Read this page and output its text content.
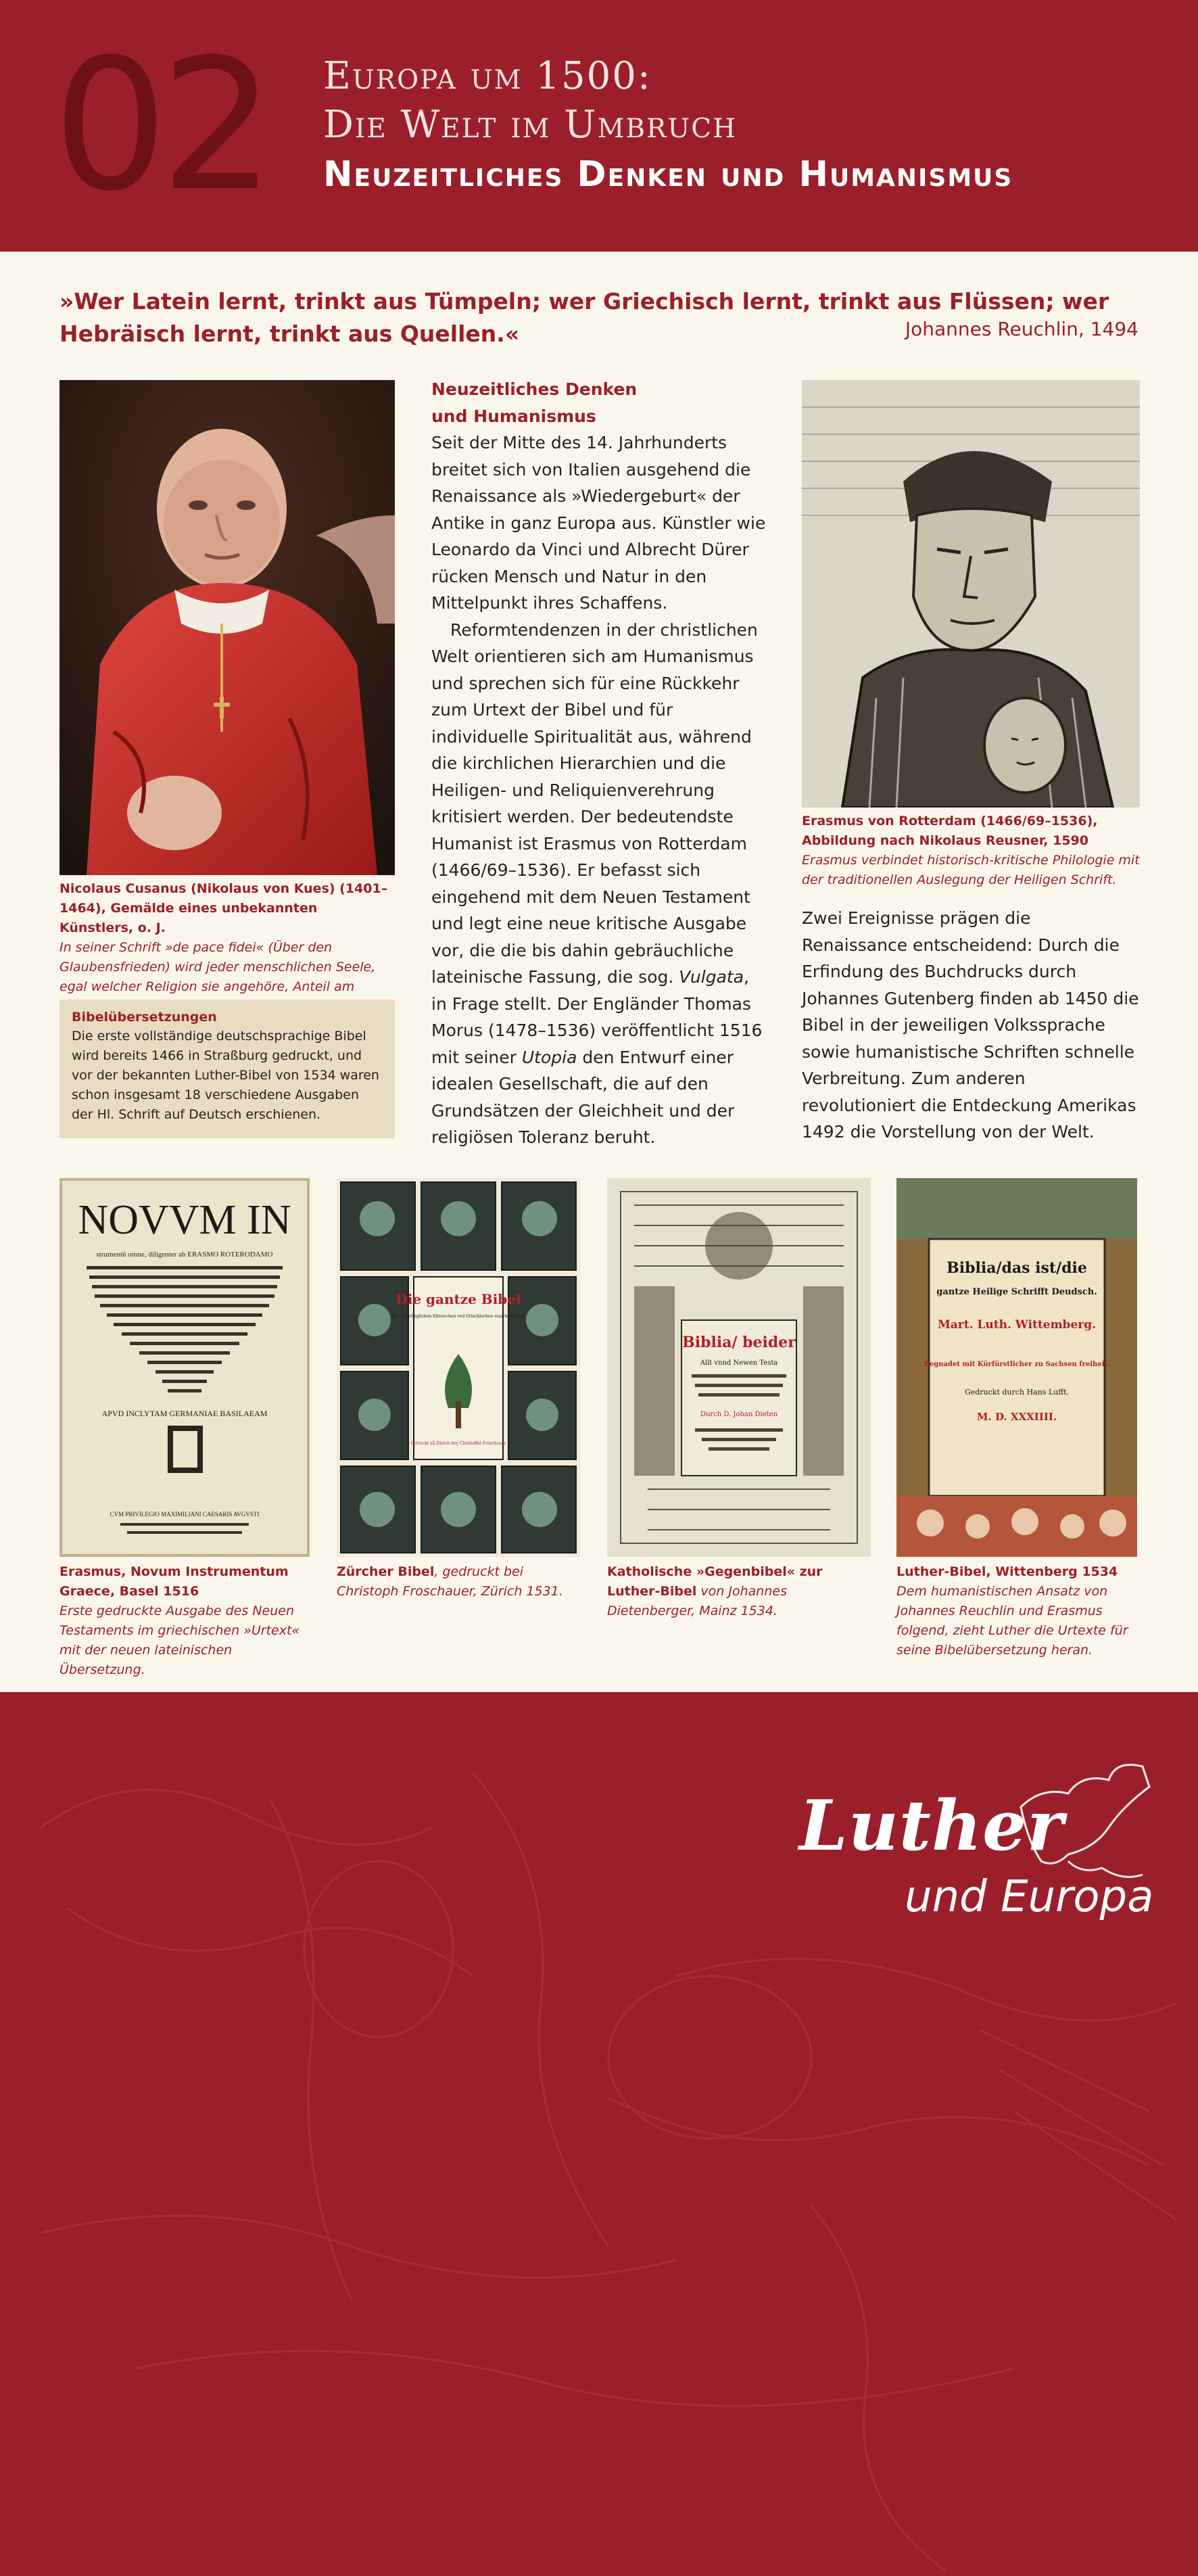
02 Europa um 1500:
Die Welt im Umbruch
Neuzeitliches Denken und Humanismus
»Wer Latein lernt, trinkt aus Tümpeln; wer Griechisch lernt, trinkt aus Flüssen; wer Hebräisch lernt, trinkt aus Quellen.«	Johannes Reuchlin, 1494
Nicolaus Cusanus (Nikolaus von Kues) (1401–1464), Gemälde eines unbekannten Künstlers, o. J.
In seiner Schrift »de pace fidei« (Über den Glaubensfrieden) wird jeder menschlichen Seele, egal welcher Religion sie angehöre, Anteil am
Bibelübersetzungen
Die erste vollständige deutschsprachige Bibel wird bereits 1466 in Straßburg gedruckt, und vor der bekannten Luther-Bibel von 1534 waren schon insgesamt 18 verschiedene Ausgaben der Hl. Schrift auf Deutsch erschienen.
Neuzeitliches Denken
und Humanismus

Seit der Mitte des 14. Jahrhunderts breitet sich von Italien ausgehend die Renaissance als »Wiedergeburt« der Antike in ganz Europa aus. Künstler wie Leonardo da Vinci und Albrecht Dürer rücken Mensch und Natur in den Mittelpunkt ihres Schaffens.

Reformtendenzen in der christlichen Welt orientieren sich am Humanismus und sprechen sich für eine Rückkehr zum Urtext der Bibel und für individuelle Spiritualität aus, während die kirchlichen Hierarchien und die Heiligen- und Reliquienverehrung kritisiert werden. Der bedeutendste Humanist ist Erasmus von Rotterdam (1466/69–1536). Er befasst sich eingehend mit dem Neuen Testament und legt eine neue kritische Ausgabe vor, die die bis dahin gebräuchliche lateinische Fassung, die sog. Vulgata, in Frage stellt. Der Engländer Thomas Morus (1478–1536) veröffentlicht 1516 mit seiner Utopia den Entwurf einer idealen Gesellschaft, die auf den Grundsätzen der Gleichheit und der religiösen Toleranz beruht.

Erasmus von Rotterdam (1466/69–1536), Abbildung nach Nikolaus Reusner, 1590
Erasmus verbindet historisch-kritische Philologie mit der traditionellen Auslegung der Heiligen Schrift.
Zwei Ereignisse prägen die Renaissance entscheidend: Durch die Erfindung des Buchdrucks durch Johannes Gutenberg finden ab 1450 die Bibel in der jeweiligen Volkssprache sowie humanistische Schriften schnelle Verbreitung. Zum anderen revolutioniert die Entdeckung Amerikas 1492 die Vorstellung von der Welt.
NOVVM IN
strumentū omne, diligenter ab ERASMO ROTERODAMO
APVD INCLYTAM GERMANIAE BASILAEAM
CVM PRIVILEGIO MAXIMILIANI CAESARIS AVGVSTI
Erasmus, Novum Instrumentum Graece, Basel 1516
Erste gedruckte Ausgabe des Neuen Testaments im griechischen »Urtext« mit der neuen lateinischen Übersetzung.
Die gantze Bibel
der vrsprünglichen Ebraischen vnd Griechischen waarheyt nach
Getruckt zů Zürich bey Christoffel Froschouer
Zürcher Bibel, gedruckt bei Christoph Froschauer, Zürich 1531.
Biblia/ beider
Allt vnnd Newen Testa
Durch D. Johan Dieten
Katholische »Gegenbibel« zur Luther-Bibel von Johannes Dietenberger, Mainz 1534.
Biblia/das ist/die
gantze Heilige Schrifft Deudsch.
Mart. Luth. Wittemberg.
Begnadet mit Kürfürstlicher zu Sachsen freiheit.
Gedruckt durch Hans Lufft.
M. D. XXXIIII.
Luther-Bibel, Wittenberg 1534
Dem humanistischen Ansatz von Johannes Reuchlin und Erasmus folgend, zieht Luther die Urtexte für seine Bibelübersetzung heran.
Luther
und Europa
